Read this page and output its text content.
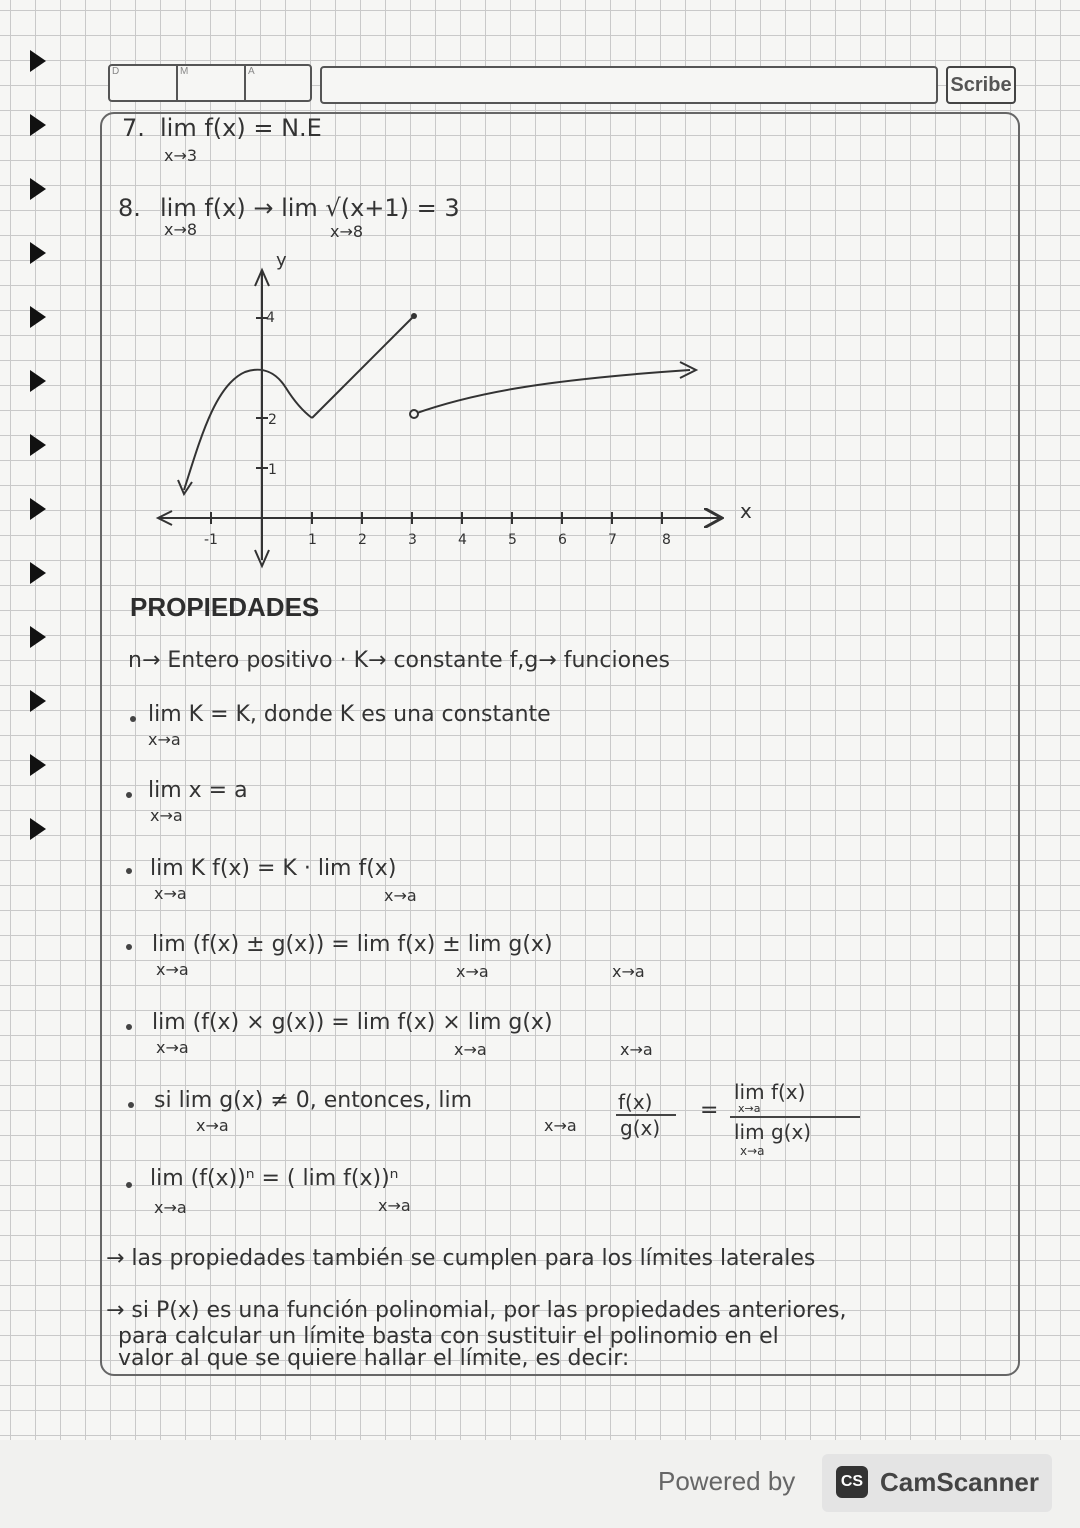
D	M	A
Scribe
7. lim f(x) = N.E
x→3
8. lim f(x) → lim √(x+1) = 3
x→8	x→8
y
x
4
2
1
-1	1	2	3	4	5	6	7	8
PROPIEDADES
n→ Entero positivo · K→ constante f,g→ funciones
lim K = K, donde K es una constante
x→a
lim x = a
x→a
lim K f(x) = K · lim f(x)
x→a	x→a
lim (f(x) ± g(x)) = lim f(x) ± lim g(x)
x→a	x→a	x→a
lim (f(x) × g(x)) = lim f(x) × lim g(x)
x→a	x→a	x→a
si lim g(x) ≠ 0, entonces, lim
x→a	x→a
f(x)
g(x)
=
lim f(x)
x→a
lim g(x)
x→a
lim (f(x))ⁿ = ( lim f(x))ⁿ
x→a	x→a
→ las propiedades también se cumplen para los límites laterales
→ si P(x) es una función polinomial, por las propiedades anteriores,
para calcular un límite basta con sustituir el polinomio en el
valor al que se quiere hallar el límite, es decir:
Powered by	CS CamScanner
